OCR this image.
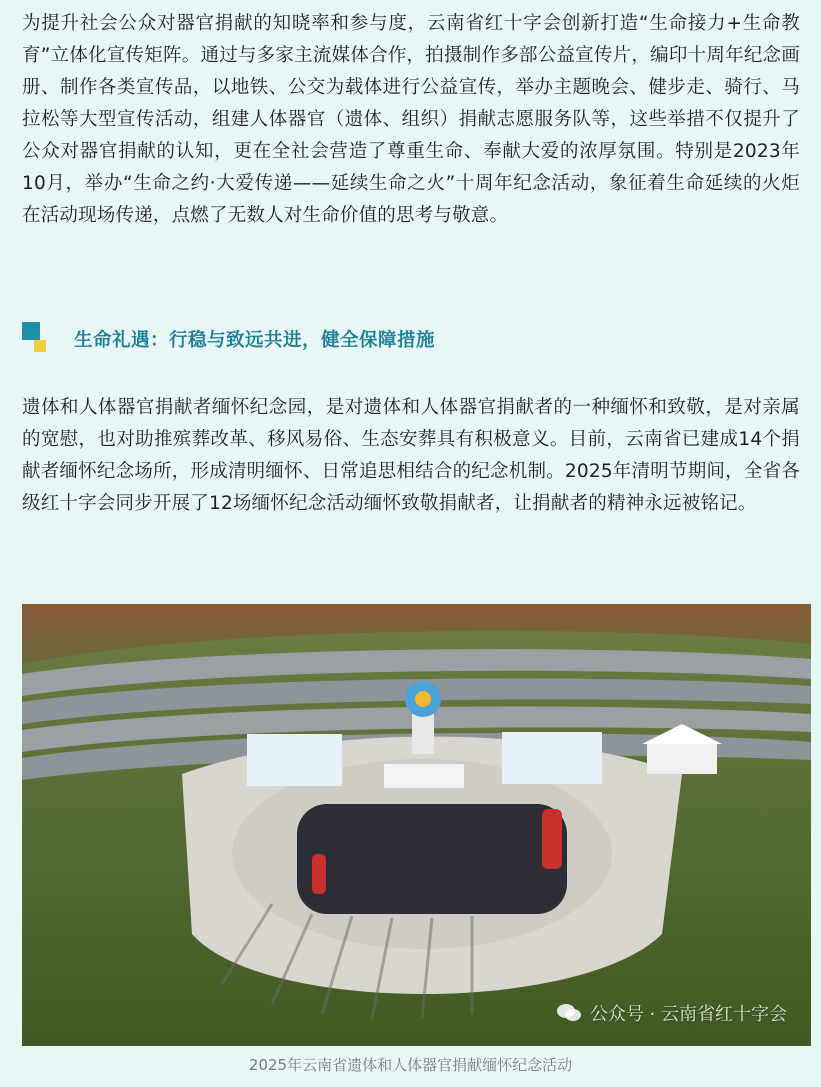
为提升社会公众对器官捐献的知晓率和参与度，云南省红十字会创新打造“生命接力+生命教育”立体化宣传矩阵。通过与多家主流媒体合作，拍摄制作多部公益宣传片，编印十周年纪念画册、制作各类宣传品，以地铁、公交为载体进行公益宣传，举办主题晚会、健步走、骑行、马拉松等大型宣传活动，组建人体器官（遗体、组织）捐献志愿服务队等，这些举措不仅提升了公众对器官捐献的认知，更在全社会营造了尊重生命、奉献大爱的浓厚氛围。特别是2023年10月，举办“生命之约·大爱传递——延续生命之火”十周年纪念活动，象征着生命延续的火炬在活动现场传递，点燃了无数人对生命价值的思考与敬意。

生命礼遇：行稳与致远共进，健全保障措施

遗体和人体器官捐献者缅怀纪念园，是对遗体和人体器官捐献者的一种缅怀和致敬，是对亲属的宽慰，也对助推殡葬改革、移风易俗、生态安葬具有积极意义。目前，云南省已建成14个捐献者缅怀纪念场所，形成清明缅怀、日常追思相结合的纪念机制。2025年清明节期间，全省各级红十字会同步开展了12场缅怀纪念活动缅怀致敬捐献者，让捐献者的精神永远被铭记。

公众号 · 云南省红十字会
2025年云南省遗体和人体器官捐献缅怀纪念活动
